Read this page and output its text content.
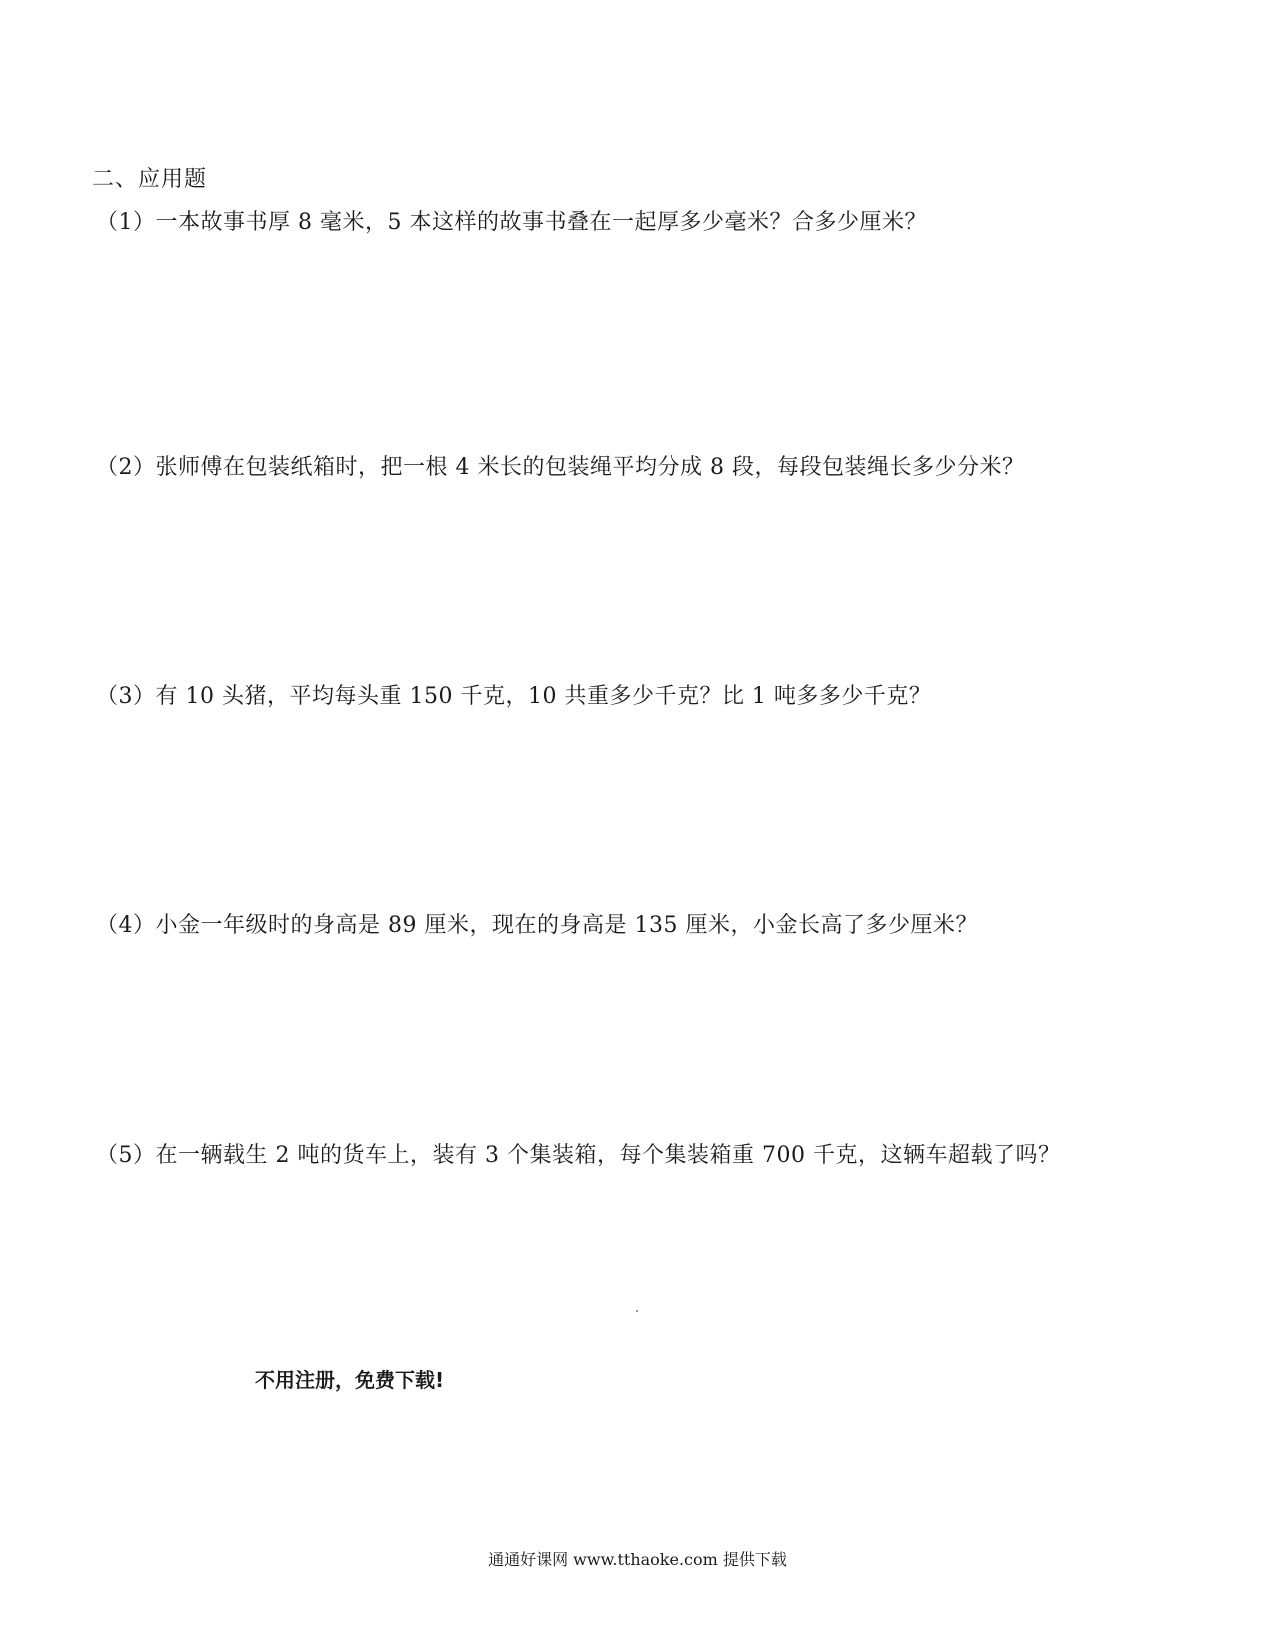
二、应用题
（1）一本故事书厚 8 毫米，5 本这样的故事书叠在一起厚多少毫米？合多少厘米？
（2）张师傅在包装纸箱时，把一根 4 米长的包装绳平均分成 8 段，每段包装绳长多少分米？
（3）有 10 头猪，平均每头重 150 千克，10 共重多少千克？比 1 吨多多少千克？
（4）小金一年级时的身高是 89 厘米，现在的身高是 135 厘米，小金长高了多少厘米？
（5）在一辆载生 2 吨的货车上，装有 3 个集装箱，每个集装箱重 700 千克，这辆车超载了吗？
不用注册，免费下载!
通通好课网 www.tthaoke.com 提供下载
